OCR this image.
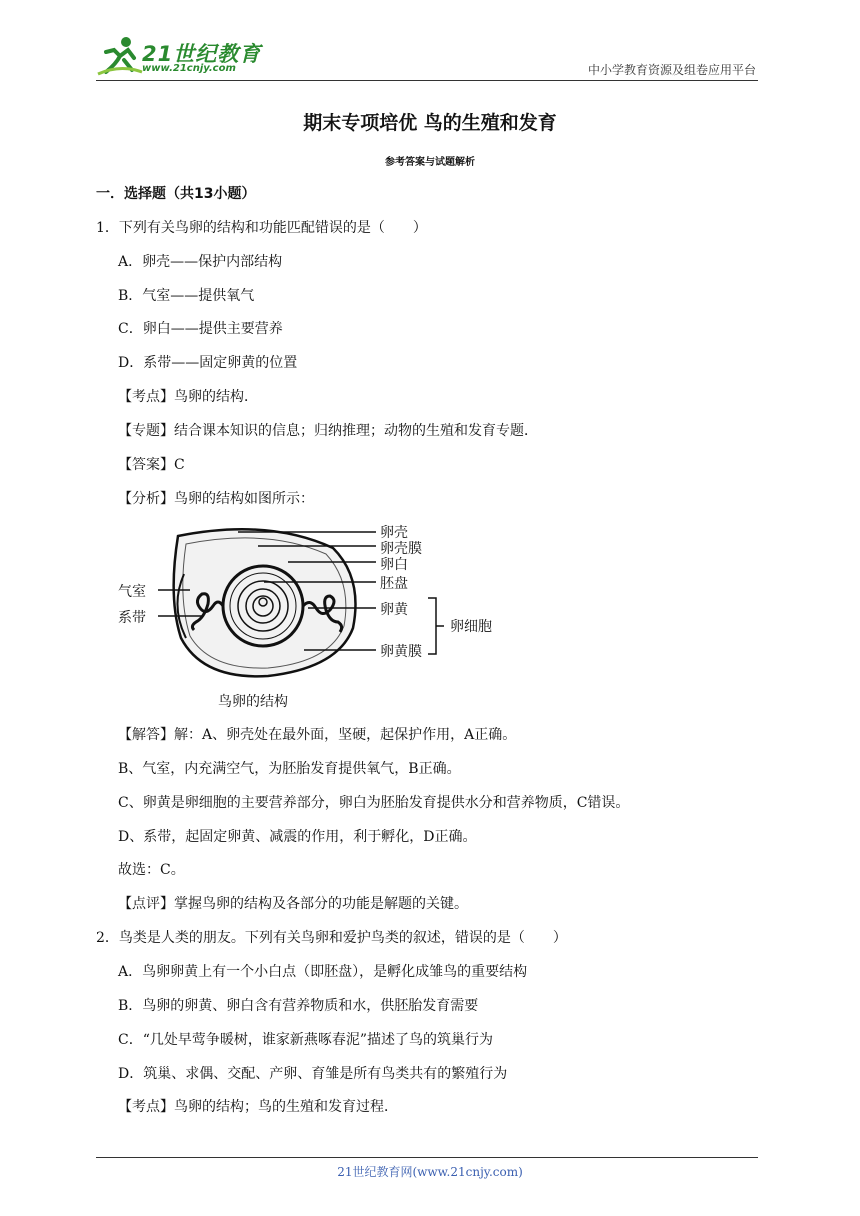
21世纪教育
www.21cnjy.com	中小学教育资源及组卷应用平台
期末专项培优 鸟的生殖和发育
参考答案与试题解析
一．选择题（共13小题）
1．下列有关鸟卵的结构和功能匹配错误的是（　　）
A．卵壳——保护内部结构
B．气室——提供氧气
C．卵白——提供主要营养
D．系带——固定卵黄的位置
【考点】鸟卵的结构．
【专题】结合课本知识的信息；归纳推理；动物的生殖和发育专题．
【答案】C
【分析】鸟卵的结构如图所示：
卵壳
卵壳膜
卵白
胚盘
卵黄
卵黄膜
气室
系带
卵细胞
鸟卵的结构
【解答】解：A、卵壳处在最外面，坚硬，起保护作用，A正确。
B、气室，内充满空气，为胚胎发育提供氧气，B正确。
C、卵黄是卵细胞的主要营养部分，卵白为胚胎发育提供水分和营养物质，C错误。
D、系带，起固定卵黄、减震的作用，利于孵化，D正确。
故选：C。
【点评】掌握鸟卵的结构及各部分的功能是解题的关键。
2．鸟类是人类的朋友。下列有关鸟卵和爱护鸟类的叙述，错误的是（　　）
A．鸟卵卵黄上有一个小白点（即胚盘），是孵化成雏鸟的重要结构
B．鸟卵的卵黄、卵白含有营养物质和水，供胚胎发育需要
C．“几处早莺争暖树，谁家新燕啄春泥”描述了鸟的筑巢行为
D．筑巢、求偶、交配、产卵、育雏是所有鸟类共有的繁殖行为
【考点】鸟卵的结构；鸟的生殖和发育过程．
21世纪教育网(www.21cnjy.com)
